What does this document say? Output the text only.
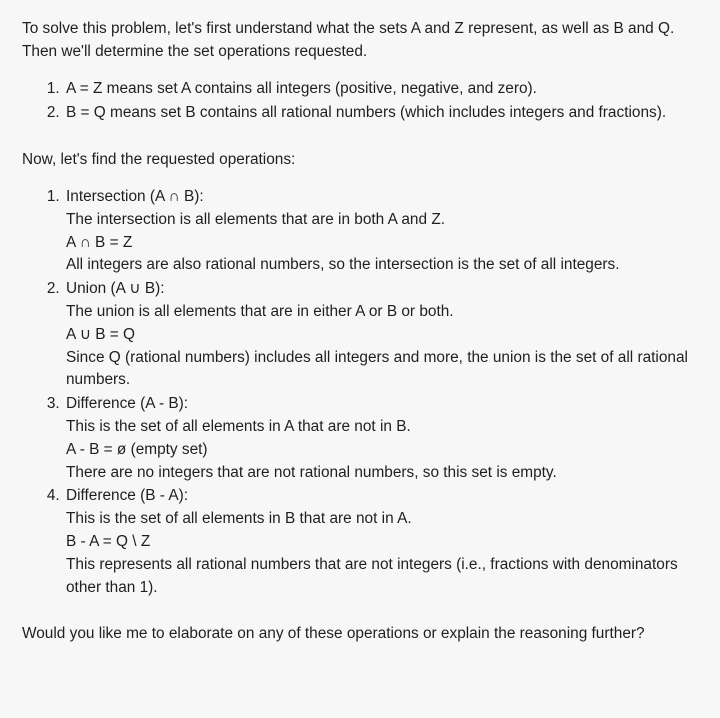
To solve this problem, let's first understand what the sets A and Z represent, as well as B and Q. Then we'll determine the set operations requested.

1. A = Z means set A contains all integers (positive, negative, and zero).
2. B = Q means set B contains all rational numbers (which includes integers and fractions).

Now, let's find the requested operations:

1. Intersection (A ∩ B):
The intersection is all elements that are in both A and Z.
A ∩ B = Z
All integers are also rational numbers, so the intersection is the set of all integers.
2. Union (A ∪ B):
The union is all elements that are in either A or B or both.
A ∪ B = Q
Since Q (rational numbers) includes all integers and more, the union is the set of all rational numbers.
3. Difference (A - B):
This is the set of all elements in A that are not in B.
A - B = ø (empty set)
There are no integers that are not rational numbers, so this set is empty.
4. Difference (B - A):
This is the set of all elements in B that are not in A.
B - A = Q \ Z
This represents all rational numbers that are not integers (i.e., fractions with denominators other than 1).

Would you like me to elaborate on any of these operations or explain the reasoning further?
